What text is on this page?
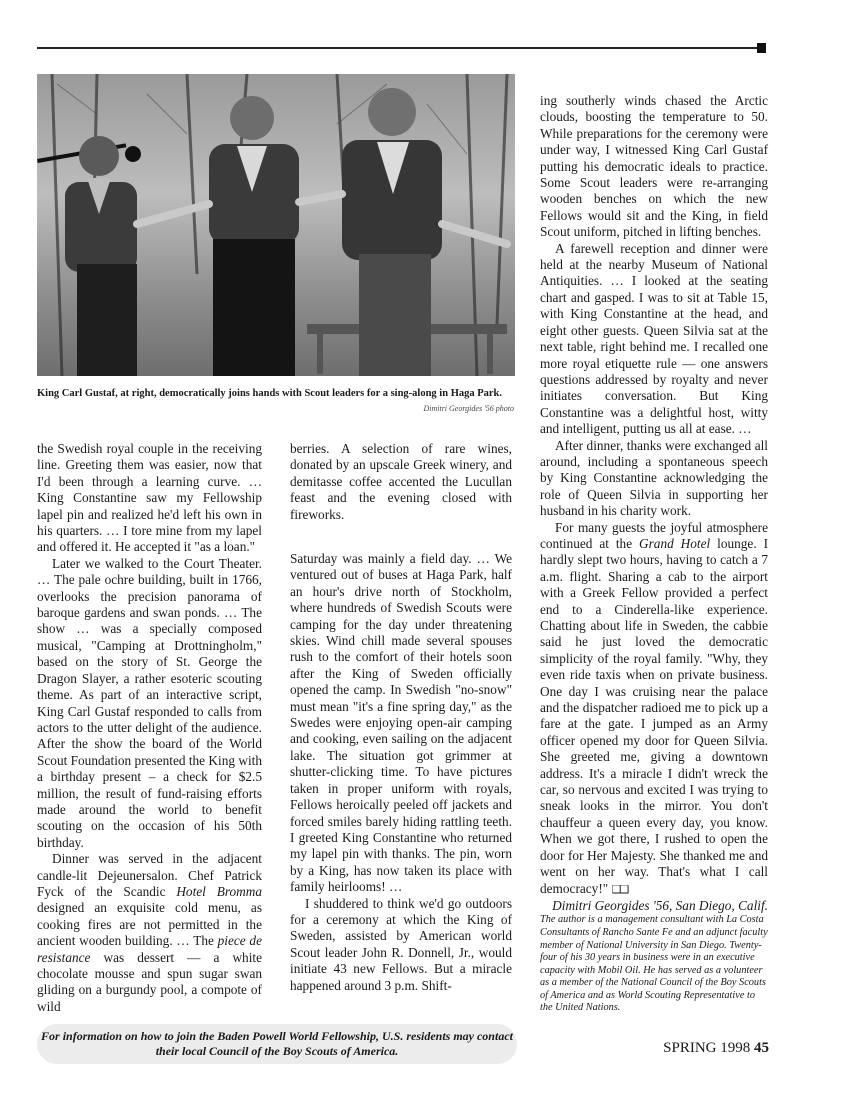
King Carl Gustaf, at right, democratically joins hands with Scout leaders for a sing-along in Haga Park.
Dimitri Georgides '56 photo

the Swedish royal couple in the receiving line. Greeting them was easier, now that I'd been through a learning curve. … King Constantine saw my Fellowship lapel pin and realized he'd left his own in his quarters. … I tore mine from my lapel and offered it. He accepted it "as a loan."

Later we walked to the Court Theater. … The pale ochre building, built in 1766, overlooks the precision panorama of baroque gardens and swan ponds. … The show … was a specially composed musical, "Camping at Drottningholm," based on the story of St. George the Dragon Slayer, a rather esoteric scouting theme. As part of an interactive script, King Carl Gustaf responded to calls from actors to the utter delight of the audience. After the show the board of the World Scout Foundation presented the King with a birthday present – a check for $2.5 million, the result of fund-raising efforts made around the world to benefit scouting on the occasion of his 50th birthday.

Dinner was served in the adjacent candle-lit Dejeunersalon. Chef Patrick Fyck of the Scandic Hotel Bromma designed an exquisite cold menu, as cooking fires are not permitted in the ancient wooden building. … The piece de resistance was dessert — a white chocolate mousse and spun sugar swan gliding on a burgundy pool, a compote of wild

berries. A selection of rare wines, donated by an upscale Greek winery, and demitasse coffee accented the Lucullan feast and the evening closed with fireworks.

Saturday was mainly a field day. … We ventured out of buses at Haga Park, half an hour's drive north of Stockholm, where hundreds of Swedish Scouts were camping for the day under threatening skies. Wind chill made several spouses rush to the comfort of their hotels soon after the King of Sweden officially opened the camp. In Swedish "no-snow" must mean "it's a fine spring day," as the Swedes were enjoying open-air camping and cooking, even sailing on the adjacent lake. The situation got grimmer at shutter-clicking time. To have pictures taken in proper uniform with royals, Fellows heroically peeled off jackets and forced smiles barely hiding rattling teeth. I greeted King Constantine who returned my lapel pin with thanks. The pin, worn by a King, has now taken its place with family heirlooms! …

I shuddered to think we'd go outdoors for a ceremony at which the King of Sweden, assisted by American world Scout leader John R. Donnell, Jr., would initiate 43 new Fellows. But a miracle happened around 3 p.m. Shift-

ing southerly winds chased the Arctic clouds, boosting the temperature to 50. While preparations for the ceremony were under way, I witnessed King Carl Gustaf putting his democratic ideals to practice. Some Scout leaders were re-arranging wooden benches on which the new Fellows would sit and the King, in field Scout uniform, pitched in lifting benches.

A farewell reception and dinner were held at the nearby Museum of National Antiquities. … I looked at the seating chart and gasped. I was to sit at Table 15, with King Constantine at the head, and eight other guests. Queen Silvia sat at the next table, right behind me. I recalled one more royal etiquette rule — one answers questions addressed by royalty and never initiates conversation. But King Constantine was a delightful host, witty and intelligent, putting us all at ease. …

After dinner, thanks were exchanged all around, including a spontaneous speech by King Constantine acknowledging the role of Queen Silvia in supporting her husband in his charity work.

For many guests the joyful atmosphere continued at the Grand Hotel lounge. I hardly slept two hours, having to catch a 7 a.m. flight. Sharing a cab to the airport with a Greek Fellow provided a perfect end to a Cinderella-like experience. Chatting about life in Sweden, the cabbie said he just loved the democratic simplicity of the royal family. "Why, they even ride taxis when on private business. One day I was cruising near the palace and the dispatcher radioed me to pick up a fare at the gate. I jumped as an Army officer opened my door for Queen Silvia. She greeted me, giving a downtown address. It's a miracle I didn't wreck the car, so nervous and excited I was trying to sneak looks in the mirror. You don't chauffeur a queen every day, you know. When we got there, I rushed to open the door for Her Majesty. She thanked me and went on her way. That's what I call democracy!" ❑❑

Dimitri Georgides '56, San Diego, Calif.

The author is a management consultant with La Costa Consultants of Rancho Sante Fe and an adjunct faculty member of National University in San Diego. Twenty-four of his 30 years in business were in an executive capacity with Mobil Oil. He has served as a volunteer as a member of the National Council of the Boy Scouts of America and as World Scouting Representative to the United Nations.

For information on how to join the Baden Powell World Fellowship, U.S. residents may contact their local Council of the Boy Scouts of America.	SPRING 1998 45
